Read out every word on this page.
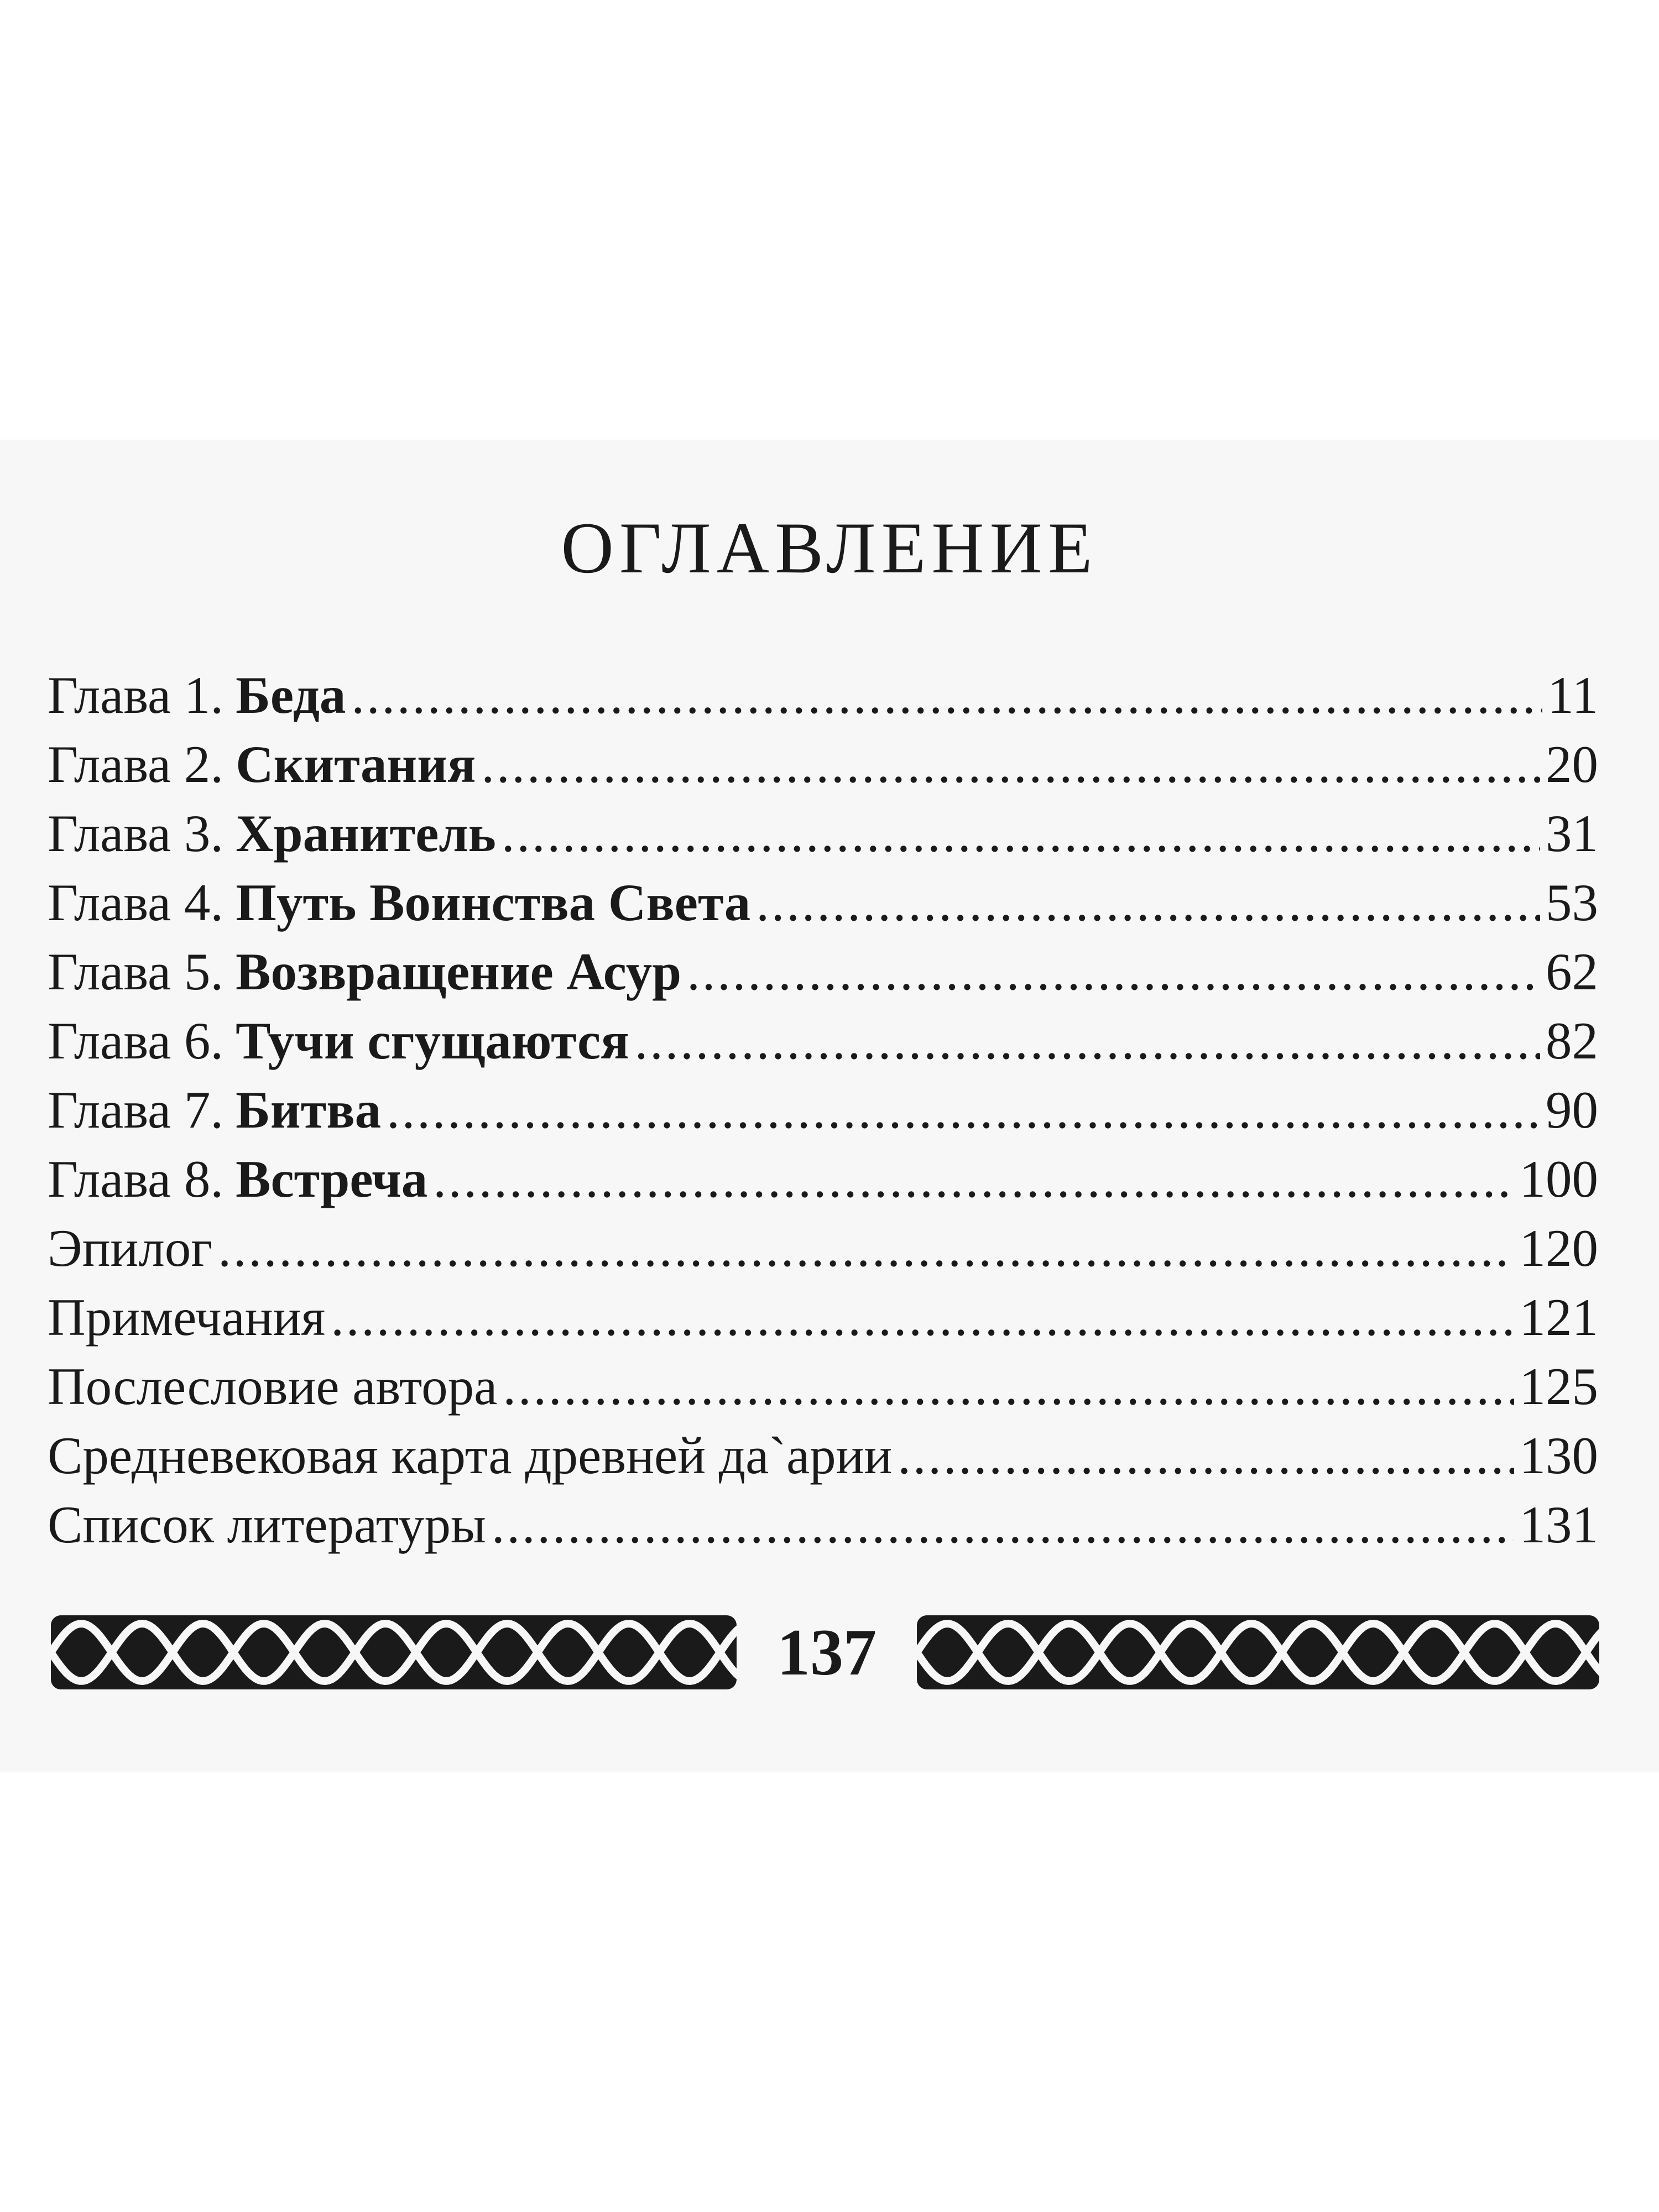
ОГЛАВЛЕНИЕ
Глава 1. Беда . . .	11
Глава 2. Скитания . . .	20
Глава 3. Хранитель . . .	31
Глава 4. Путь Воинства Света . . .	53
Глава 5. Возвращение Асур . . .	62
Глава 6. Тучи сгущаются . . .	82
Глава 7. Битва . . .	90
Глава 8. Встреча . . .	100
Эпилог . . .	120
Примечания . . .	121
Послесловие автора . . .	125
Средневековая карта древней да`арии . . .	130
Список литературы . . .	131
137
